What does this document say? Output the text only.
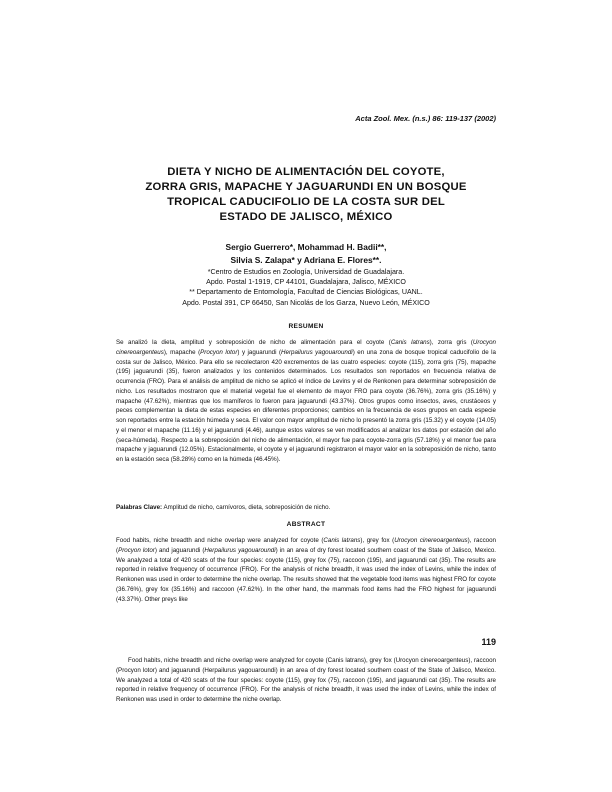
Acta Zool. Mex. (n.s.) 86: 119-137 (2002)
DIETA Y NICHO DE ALIMENTACIÓN DEL COYOTE,
ZORRA GRIS, MAPACHE Y JAGUARUNDI EN UN BOSQUE
TROPICAL CADUCIFOLIO DE LA COSTA SUR DEL
ESTADO DE JALISCO, MÉXICO
Sergio Guerrero*, Mohammad H. Badii**,
Silvia S. Zalapa* y Adriana E. Flores**.
*Centro de Estudios en Zoología, Universidad de Guadalajara.
Apdo. Postal 1-1919, CP 44101, Guadalajara, Jalisco, MÉXICO
** Departamento de Entomología, Facultad de Ciencias Biológicas, UANL.
Apdo. Postal 391, CP 66450, San Nicolás de los Garza, Nuevo León, MÉXICO
RESUMEN
Se analizó la dieta, amplitud y sobreposición de nicho de alimentación para el coyote (Canis latrans), zorra gris (Urocyon cinereoargenteus), mapache (Procyon lotor) y jaguarundi (Herpailurus yagouaroundi) en una zona de bosque tropical caducifolio de la costa sur de Jalisco, México. Para ello se recolectaron 420 excrementos de las cuatro especies: coyote (115), zorra gris (75), mapache (195) jaguarundi (35), fueron analizados y los contenidos determinados. Los resultados son reportados en frecuencia relativa de ocurrencia (FRO). Para el análisis de amplitud de nicho se aplicó el índice de Levins y el de Renkonen para determinar sobreposición de nicho. Los resultados mostraron que el material vegetal fue el elemento de mayor FRO para coyote (36.76%), zorra gris (35.16%) y mapache (47.62%), mientras que los mamíferos lo fueron para jaguarundi (43.37%). Otros grupos como insectos, aves, crustáceos y peces complementan la dieta de estas especies en diferentes proporciones; cambios en la frecuencia de esos grupos en cada especie son reportados entre la estación húmeda y seca. El valor con mayor amplitud de nicho lo presentó la zorra gris (15.32) y el coyote (14.05) y el menor el mapache (11.16) y el jaguarundi (4.46), aunque estos valores se ven modificados al analizar los datos por estación del año (seca-húmeda). Respecto a la sobreposición del nicho de alimentación, el mayor fue para coyote-zorra gris (57.18%) y el menor fue para mapache y jaguarundi (12.05%). Estacionalmente, el coyote y el jaguarundi registraron el mayor valor en la sobreposición de nicho, tanto en la estación seca (58.28%) como en la húmeda (46.45%).
Palabras Clave: Amplitud de nicho, carnívoros, dieta, sobreposición de nicho.
ABSTRACT
Food habits, niche breadth and niche overlap were analyzed for coyote (Canis latrans), grey fox (Urocyon cinereoargenteus), raccoon (Procyon lotor) and jaguarundi (Herpailurus yagouaroundi) in an area of dry forest located southern coast of the State of Jalisco, Mexico. We analyzed a total of 420 scats of the four species: coyote (115), grey fox (75), raccoon (195), and jaguarundi cat (35). The results are reported in relative frequency of occurrence (FRO). For the analysis of niche breadth, it was used the index of Levins, while the index of Renkonen was used in order to determine the niche overlap. The results showed that the vegetable food items was highest FRO for coyote (36.76%), grey fox (35.16%) and raccoon (47.62%). In the other hand, the mammals food items had the FRO highest for jaguarundi (43.37%). Other preys like
119
Food habits, niche breadth and niche overlap were analyzed for coyote (Canis latrans), grey fox (Urocyon cinereoargenteus), raccoon (Procyon lotor) and jaguarundi (Herpailurus yagouaroundi) in an area of dry forest located southern coast of the State of Jalisco, Mexico. We analyzed a total of 420 scats of the four species: coyote (115), grey fox (75), raccoon (195), and jaguarundi cat (35). The results are reported in relative frequency of occurrence (FRO). For the analysis of niche breadth, it was used the index of Levins, while the index of Renkonen was used in order to determine the niche overlap.
